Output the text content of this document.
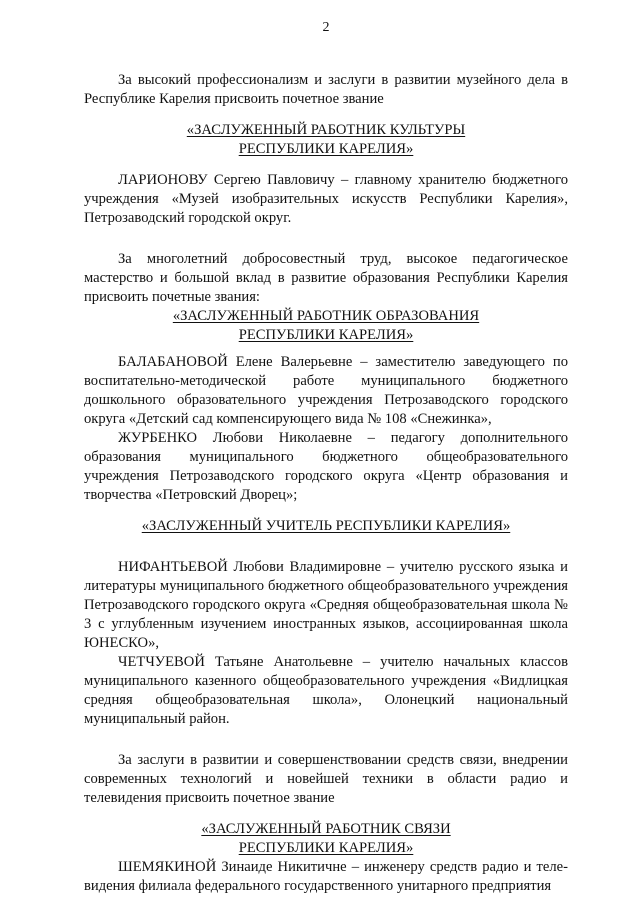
2

За высокий профессионализм и заслуги в развитии музейного дела в Республике Карелия присвоить почетное звание

«ЗАСЛУЖЕННЫЙ РАБОТНИК КУЛЬТУРЫ
РЕСПУБЛИКИ КАРЕЛИЯ»

ЛАРИОНОВУ Сергею Павловичу – главному хранителю бюджетного учреждения «Музей изобразительных искусств Республики Карелия», Петрозаводский городской округ.

За многолетний добросовестный труд, высокое педагогическое мастерство и большой вклад в развитие образования Республики Карелия присвоить почетные звания:

«ЗАСЛУЖЕННЫЙ РАБОТНИК ОБРАЗОВАНИЯ
РЕСПУБЛИКИ КАРЕЛИЯ»

БАЛАБАНОВОЙ Елене Валерьевне – заместителю заведующего по воспитательно-методической работе муниципального бюджетного дошкольного образовательного учреждения Петрозаводского городского округа «Детский сад компенсирующего вида № 108 «Снежинка»,

ЖУРБЕНКО Любови Николаевне – педагогу дополнительного образования муниципального бюджетного общеобразовательного учреждения Петрозаводского городского округа «Центр образования и творчества «Петровский Дворец»;

«ЗАСЛУЖЕННЫЙ УЧИТЕЛЬ РЕСПУБЛИКИ КАРЕЛИЯ»

НИФАНТЬЕВОЙ Любови Владимировне – учителю русского языка и литературы муниципального бюджетного общеобразовательного учреждения Петрозаводского городского округа «Средняя общеобразовательная школа № 3 с углубленным изучением иностранных языков, ассоциированная школа ЮНЕСКО»,

ЧЕТЧУЕВОЙ Татьяне Анатольевне – учителю начальных классов муниципального казенного общеобразовательного учреждения «Видлицкая средняя общеобразовательная школа», Олонецкий национальный муниципальный район.

За заслуги в развитии и совершенствовании средств связи, внедрении современных технологий и новейшей техники в области радио и телевидения присвоить почетное звание

«ЗАСЛУЖЕННЫЙ РАБОТНИК СВЯЗИ
РЕСПУБЛИКИ КАРЕЛИЯ»

ШЕМЯКИНОЙ Зинаиде Никитичне – инженеру средств радио и теле-видения филиала федерального государственного унитарного предприятия
